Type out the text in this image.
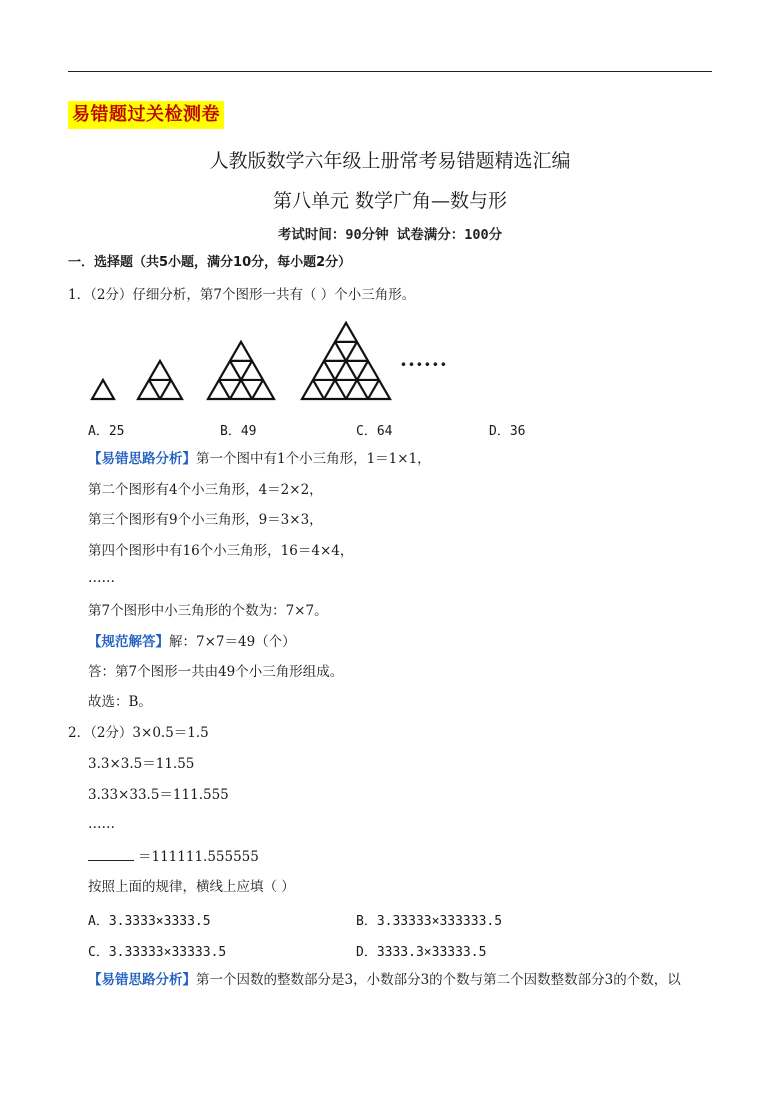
易错题过关检测卷
人教版数学六年级上册常考易错题精选汇编
第八单元 数学广角—数与形
考试时间：90分钟 试卷满分：100分
一．选择题（共5小题，满分10分，每小题2分）
1．（2分）仔细分析，第7个图形一共有（ ）个小三角形。
······
A．25	B．49	C．64	D．36
【易错思路分析】第一个图中有1个小三角形，1＝1×1，
第二个图形有4个小三角形，4＝2×2，
第三个图形有9个小三角形，9＝3×3，
第四个图形中有16个小三角形，16＝4×4，
……
第7个图形中小三角形的个数为：7×7。
【规范解答】解：7×7＝49（个）
答：第7个图形一共由49个小三角形组成。
故选：B。
2．（2分）3×0.5＝1.5
3.3×3.5＝11.55
3.33×33.5＝111.555
……
＝111111.555555
按照上面的规律，横线上应填（ ）
A．3.3333×3333.5	B．3.33333×333333.5
C．3.33333×33333.5	D．3333.3×33333.5
【易错思路分析】第一个因数的整数部分是3，小数部分3的个数与第二个因数整数部分3的个数，以
